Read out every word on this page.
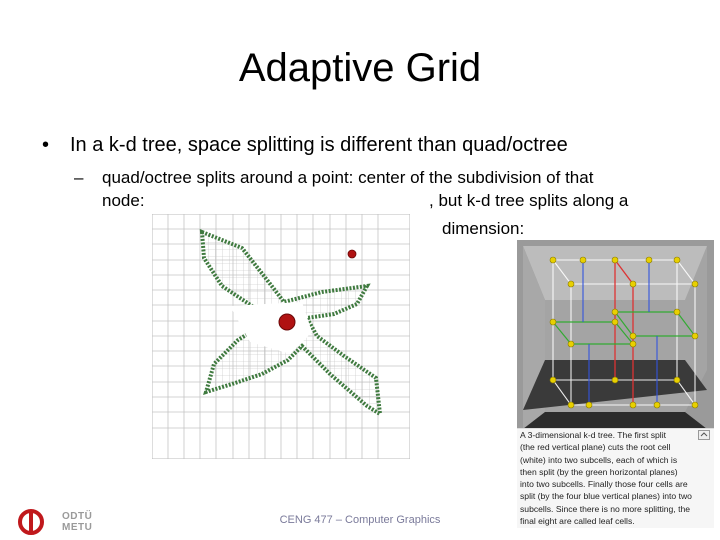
Adaptive Grid
• In a k-d tree, space splitting is different than quad/octree
– quad/octree splits around a point: center of the subdivision of that
node:	, but k-d tree splits along a
dimension:
A 3-dimensional k-d tree. The first split
(the red vertical plane) cuts the root cell
(white) into two subcells, each of which is
then split (by the green horizontal planes)
into two subcells. Finally those four cells are
split (by the four blue vertical planes) into two
subcells. Since there is no more splitting, the
final eight are called leaf cells.
ODTÜ
METU
CENG 477 – Computer Graphics
